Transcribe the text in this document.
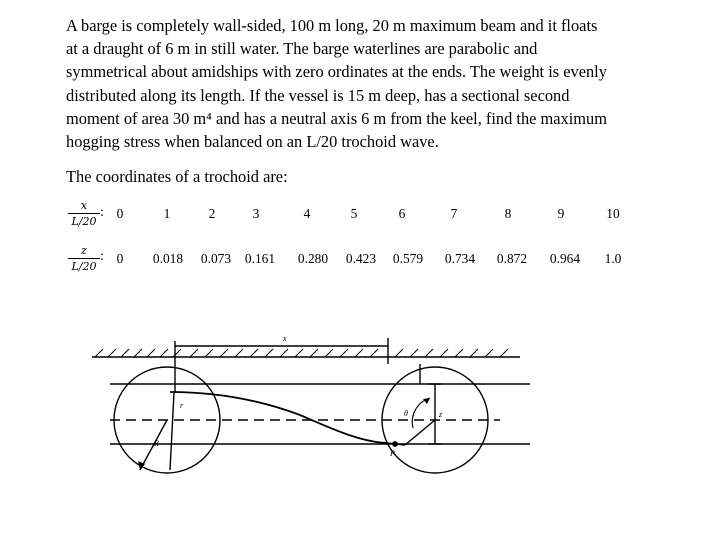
A barge is completely wall-sided, 100 m long, 20 m maximum beam and it floats
at a draught of 6 m in still water. The barge waterlines are parabolic and
symmetrical about amidships with zero ordinates at the ends. The weight is evenly
distributed along its length. If the vessel is 15 m deep, has a sectional second
moment of area 30 m⁴ and has a neutral axis 6 m from the keel, find the maximum
hogging stress when balanced on an L/20 trochoid wave.
The coordinates of a trochoid are:
x
L/20
: 0	1	2	3	4	5	6	7	8	9	10
z
L/20
: 0 0.018 0.073 0.161 0.280 0.423 0.579 0.734 0.872 0.964 1.0
x
r
R
θ	z
P
